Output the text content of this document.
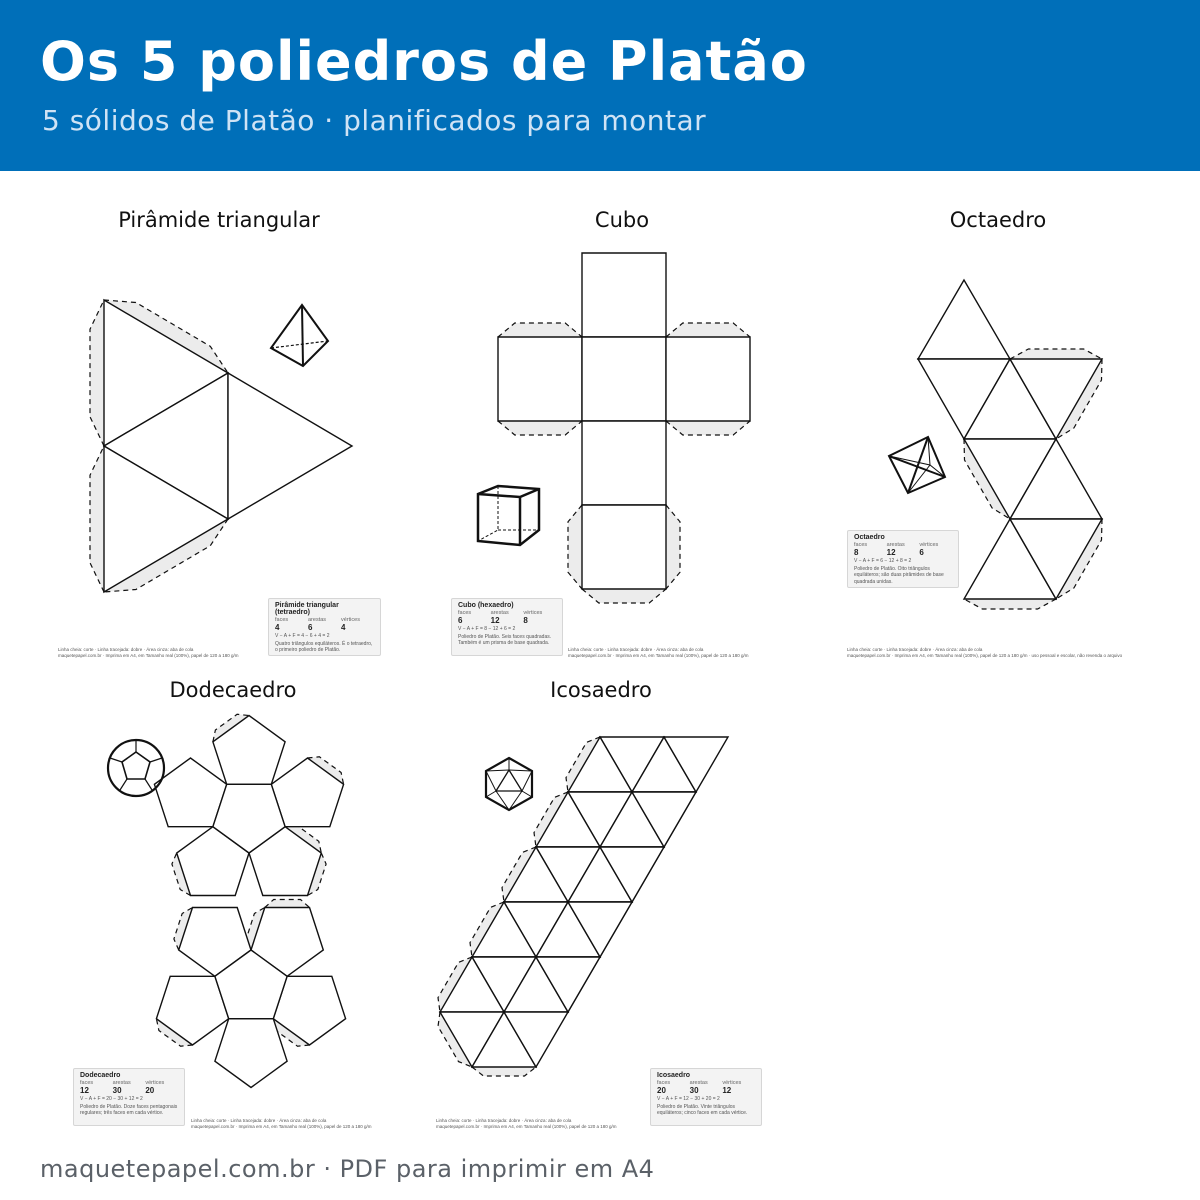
Os 5 poliedros de Platão
5 sólidos de Platão · planificados para montar
Pirâmide triangular	Cubo	Octaedro
Dodecaedro	Icosaedro
Pirâmide triangular (tetraedro)
faces	arestas	vértices
4	6	4
V − A + F = 4 − 6 + 4 = 2
Quatro triângulos equiláteros. É o tetraedro, o primeiro poliedro de Platão.
Cubo (hexaedro)
faces	arestas	vértices
6	12	8
V − A + F = 8 − 12 + 6 = 2
Poliedro de Platão. Seis faces quadradas. Também é um prisma de base quadrada.
Octaedro
faces	arestas	vértices
8	12	6
V − A + F = 6 − 12 + 8 = 2
Poliedro de Platão. Oito triângulos equiláteros; são duas pirâmides de base quadrada unidas.
Dodecaedro
faces	arestas	vértices
12	30	20
V − A + F = 20 − 30 + 12 = 2
Poliedro de Platão. Doze faces pentagonais regulares; três faces em cada vértice.
Icosaedro
faces	arestas	vértices
20	30	12
V − A + F = 12 − 30 + 20 = 2
Poliedro de Platão. Vinte triângulos equiláteros; cinco faces em cada vértice.
Linha cheia: corte · Linha tracejada: dobre · Área cinza: aba de cola
maquetepapel.com.br · Imprima em A4, em Tamanho real (100%), papel de 120 a 180 g/m
Linha cheia: corte · Linha tracejada: dobre · Área cinza: aba de cola
maquetepapel.com.br · Imprima em A4, em Tamanho real (100%), papel de 120 a 180 g/m
Linha cheia: corte · Linha tracejada: dobre · Área cinza: aba de cola
maquetepapel.com.br · Imprima em A4, em Tamanho real (100%), papel de 120 a 180 g/m · uso pessoal e escolar, não revenda o arquivo
Linha cheia: corte · Linha tracejada: dobre · Área cinza: aba de cola
maquetepapel.com.br · Imprima em A4, em Tamanho real (100%), papel de 120 a 180 g/m
Linha cheia: corte · Linha tracejada: dobre · Área cinza: aba de cola
maquetepapel.com.br · Imprima em A4, em Tamanho real (100%), papel de 120 a 180 g/m
maquetepapel.com.br · PDF para imprimir em A4
